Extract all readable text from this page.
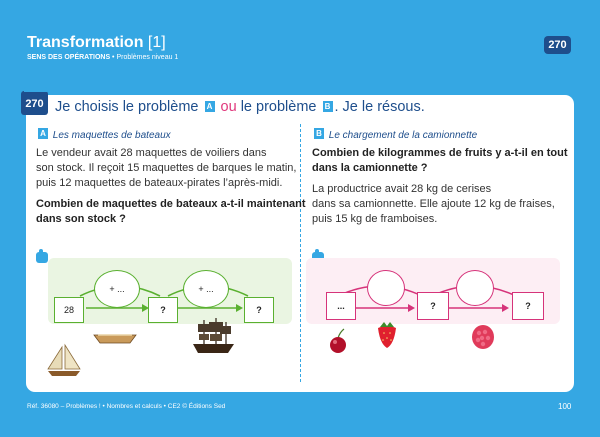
Transformation [1]
SENS DES OPÉRATIONS • Problèmes niveau 1
270
270 Je choisis le problème A ou le problème B . Je le résous.
A Les maquettes de bateaux
Le vendeur avait 28 maquettes de voiliers dans
son stock. Il reçoit 15 maquettes de barques le matin,
puis 12 maquettes de bateaux-pirates l’après-midi.
Combien de maquettes de bateaux a-t-il maintenant
dans son stock ?
28
+ ...	+ ...
?	?
B Le chargement de la camionnette
Combien de kilogrammes de fruits y a-t-il en tout
dans la camionnette ?
La productrice avait 28 kg de cerises
dans sa camionnette. Elle ajoute 12 kg de fraises,
puis 15 kg de framboises.
...	?	?
Réf. 36080 – Problèmes ! • Nombres et calculs • CE2 © Éditions Sed	100
